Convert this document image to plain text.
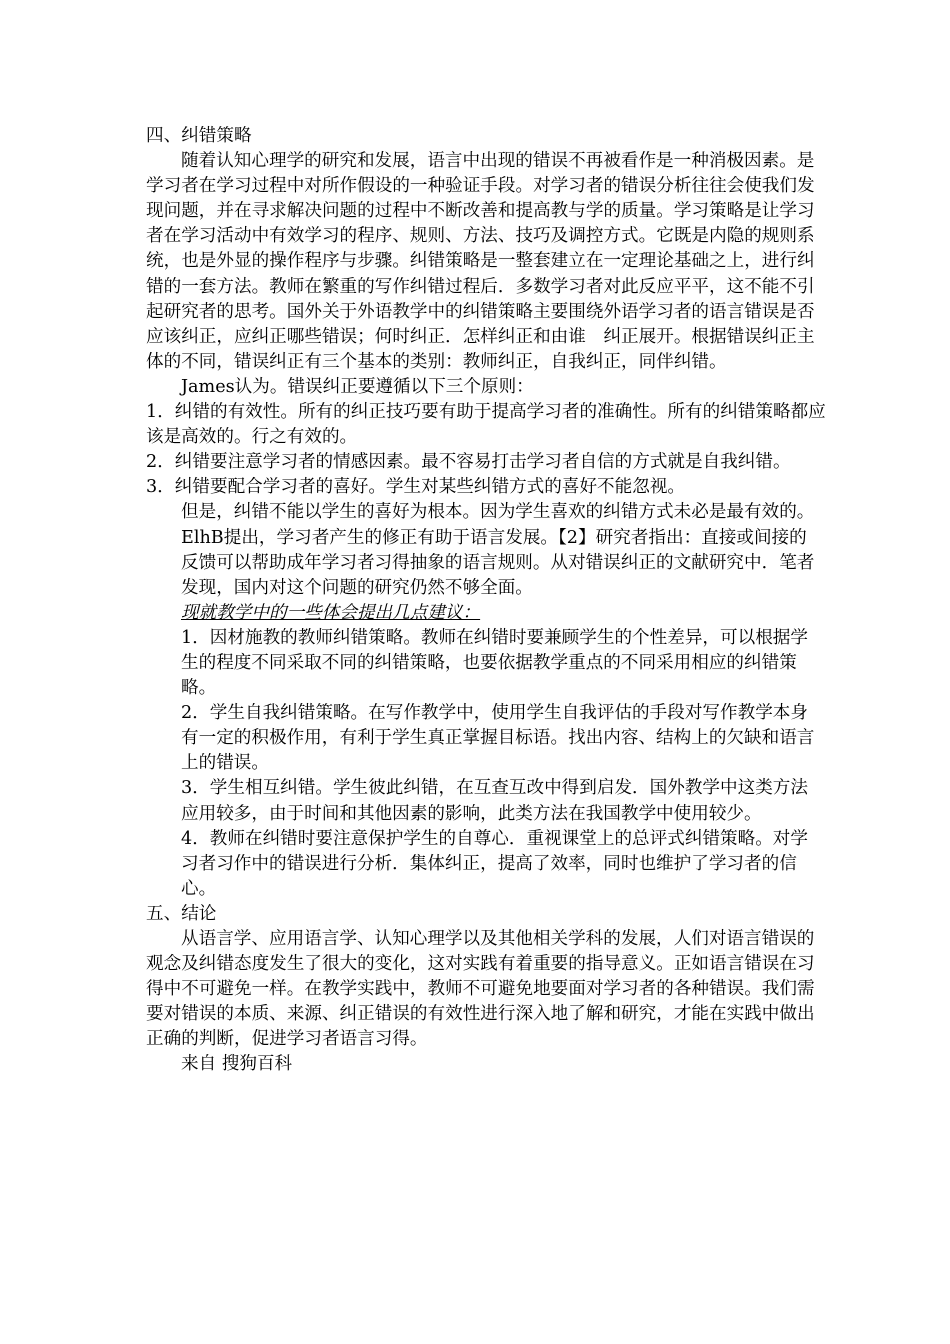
四、纠错策略

随着认知心理学的研究和发展，语言中出现的错误不再被看作是一种消极因素。是学习者在学习过程中对所作假设的一种验证手段。对学习者的错误分析往往会使我们发现问题，并在寻求解决问题的过程中不断改善和提高教与学的质量。学习策略是让学习者在学习活动中有效学习的程序、规则、方法、技巧及调控方式。它既是内隐的规则系统，也是外显的操作程序与步骤。纠错策略是一整套建立在一定理论基础之上，进行纠错的一套方法。教师在繁重的写作纠错过程后．多数学习者对此反应平平，这不能不引起研究者的思考。国外关于外语教学中的纠错策略主要围绕外语学习者的语言错误是否应该纠正，应纠正哪些错误；何时纠正．怎样纠正和由谁　纠正展开。根据错误纠正主体的不同，错误纠正有三个基本的类别：教师纠正，自我纠正，同伴纠错。

James认为。错误纠正要遵循以下三个原则：

1．纠错的有效性。所有的纠正技巧要有助于提高学习者的准确性。所有的纠错策略都应该是高效的。行之有效的。

2．纠错要注意学习者的情感因素。最不容易打击学习者自信的方式就是自我纠错。

3．纠错要配合学习者的喜好。学生对某些纠错方式的喜好不能忽视。

但是，纠错不能以学生的喜好为根本。因为学生喜欢的纠错方式未必是最有效的。　ElhB提出，学习者产生的修正有助于语言发展。【2】研究者指出：直接或间接的反馈可以帮助成年学习者习得抽象的语言规则。从对错误纠正的文献研究中．笔者发现，国内对这个问题的研究仍然不够全面。

现就教学中的一些体会提出几点建议：

1．因材施教的教师纠错策略。教师在纠错时要兼顾学生的个性差异，可以根据学生的程度不同采取不同的纠错策略，也要依据教学重点的不同采用相应的纠错策略。

2．学生自我纠错策略。在写作教学中，使用学生自我评估的手段对写作教学本身有一定的积极作用，有利于学生真正掌握目标语。找出内容、结构上的欠缺和语言上的错误。

3．学生相互纠错。学生彼此纠错，在互查互改中得到启发．国外教学中这类方法应用较多，由于时间和其他因素的影响，此类方法在我国教学中使用较少。

4．教师在纠错时要注意保护学生的自尊心．重视课堂上的总评式纠错策略。对学习者习作中的错误进行分析．集体纠正，提高了效率，同时也维护了学习者的信心。

五、结论

从语言学、应用语言学、认知心理学以及其他相关学科的发展，人们对语言错误的观念及纠错态度发生了很大的变化，这对实践有着重要的指导意义。正如语言错误在习得中不可避免一样。在教学实践中，教师不可避免地要面对学习者的各种错误。我们需要对错误的本质、来源、纠正错误的有效性进行深入地了解和研究，才能在实践中做出正确的判断，促进学习者语言习得。

来自 搜狗百科
